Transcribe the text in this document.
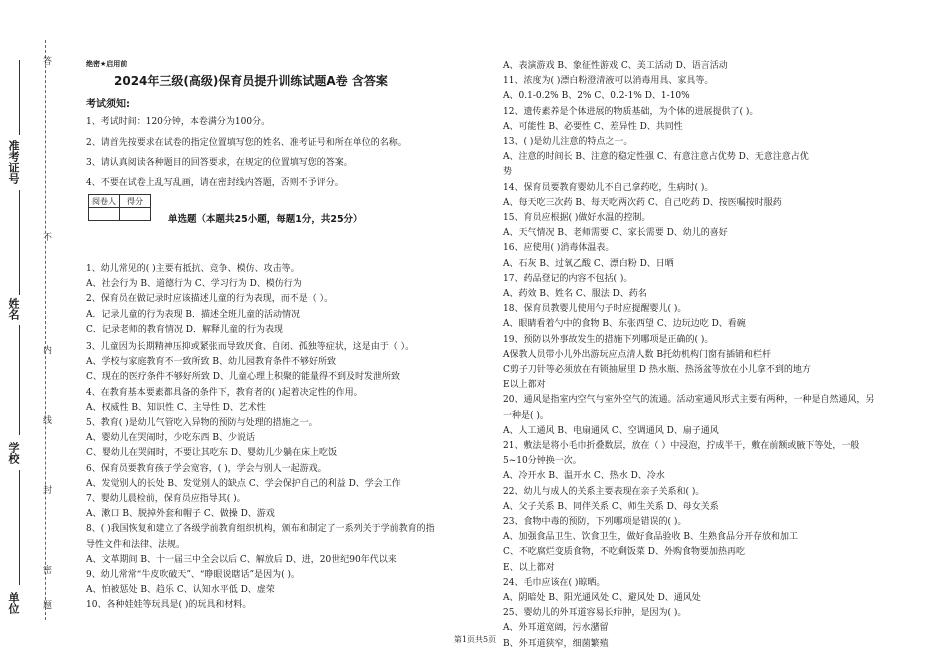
答
不
内
线
封
密
题
准考证号
姓名
学校
单位
绝密★启用前
2024年三级(高级)保育员提升训练试题A卷 含答案
考试须知:
1、考试时间：120分钟，本卷满分为100分。
2、请首先按要求在试卷的指定位置填写您的姓名、准考证号和所在单位的名称。
3、请认真阅读各种题目的回答要求，在规定的位置填写您的答案。
4、不要在试卷上乱写乱画，请在密封线内答题，否则不予评分。
单选题（本题共25小题，每题1分，共25分）
1、幼儿常见的( )主要有抵抗、竞争、模仿、攻击等。
A、社会行为 B、道德行为 C、学习行为 D、模仿行为
2、保育员在做记录时应该描述儿童的行为表现，而不是（ ）。
A．记录儿童的行为表现 B．描述全班儿童的活动情况
C．记录老师的教育情况 D．解释儿童的行为表现
3、儿童因为长期精神压抑或紧张而导致厌食、自闭、孤独等症状，这是由于（ ）。
A、学校与家庭教育不一致所致 B、幼儿园教育条件不够好所致
C、现在的医疗条件不够好所致 D、儿童心理上积聚的能量得不到及时发泄所致
4、在教育基本要素都具备的条件下，教育者的( )起着决定性的作用。
A、权威性 B、知识性 C、主导性 D、艺术性
5、教育( )是幼儿气管吃入异物的预防与处理的措施之一。
A、婴幼儿在哭闹时，少吃东西 B、少说话
C、婴幼儿在哭闹时，不要让其吃东 D、婴幼儿少躺在床上吃饭
6、保育员要教育孩子学会宽容，( )，学会与别人一起游戏。
A、发觉别人的长处 B、发觉别人的缺点 C、学会保护自己的利益 D、学会工作
7、婴幼儿晨检前，保育员应指导其( )。
A、漱口 B、脱掉外套和帽子 C、做操 D、游戏
8、( )我国恢复和建立了各级学前教育组织机构，颁布和制定了一系列关于学前教育的指
导性文件和法律、法规。
A、文革期间 B、十一届三中全会以后 C、解放后 D、进，20世纪90年代以来
9、幼儿常常“牛皮吹破天”、“睁眼说瞎话”是因为( )。
A、怕被惩处 B、趋乐 C、认知水平低 D、虚荣
10、各种娃娃等玩具是( )的玩具和材料。
阅卷人	得分

A、表演游戏 B、象征性游戏 C、美工活动 D、语言活动
11、浓度为( )漂白粉澄清液可以消毒用具、家具等。
A、0.1-0.2% B、2% C、0.2-1% D、1-10%
12、遗传素养是个体进展的物质基础，为个体的进展提供了( )。
A、可能性 B、必要性 C、差异性 D、共同性
13、( )是幼儿注意的特点之一。
A、注意的时间长 B、注意的稳定性强 C、有意注意占优势 D、无意注意占优
势
14、保育员要教育婴幼儿不自己拿药吃，生病时( )。
A、每天吃三次药 B、每天吃两次药 C、自己吃药 D、按医嘱按时服药
15、育员应根据( )做好水温的控制。
A、天气情况 B、老师需要 C、家长需要 D、幼儿的喜好
16、应使用( )消毒体温表。
A、石灰 B、过氧乙酸 C、漂白粉 D、日晒
17、药品登记的内容不包括( )。
A、药效 B、姓名 C、服法 D、药名
18、保育员教婴儿使用勺子时应提醒婴儿( )。
A、眼睛看着勺中的食物 B、东张西望 C、边玩边吃 D、看碗
19、预防以外事故发生的措施下列哪项是正确的( )。
A保教人员带小儿外出游玩应点清人数 B托幼机构门窗有插销和栏杆
C剪子刀针等必须放在有锁抽屉里 D 热水瓶、热汤盆等放在小儿拿不到的地方
E以上都对
20、通风是指室内空气与室外空气的流通。活动室通风形式主要有两种，一种是自然通风，另
一种是( )。
A、人工通风 B、电扇通风 C、空调通风 D、扇子通风
21、敷法是将小毛巾折叠数层，放在（ ）中浸泡，拧成半干，敷在前额或腋下等处，一般
5~10分钟换一次。
A、冷开水 B、温开水 C、热水 D、冷水
22、幼儿与成人的关系主要表现在亲子关系和( )。
A、父子关系 B、同伴关系 C、师生关系 D、母女关系
23、食物中毒的预防，下列哪项是错误的( )。
A、加强食品卫生、饮食卫生，做好食品验收 B、生熟食品分开存放和加工
C、不吃腐烂变质食物，不吃剩饭菜 D、外购食物要加热再吃
E、以上都对
24、毛巾应该在( )晾晒。
A、阴暗处 B、阳光通风处 C、避风处 D、通风处
25、婴幼儿的外耳道容易长疖肿，是因为( )。
A、外耳道宽阔，污水潴留
B、外耳道狭窄，细菌繁殖
第1页共5页
